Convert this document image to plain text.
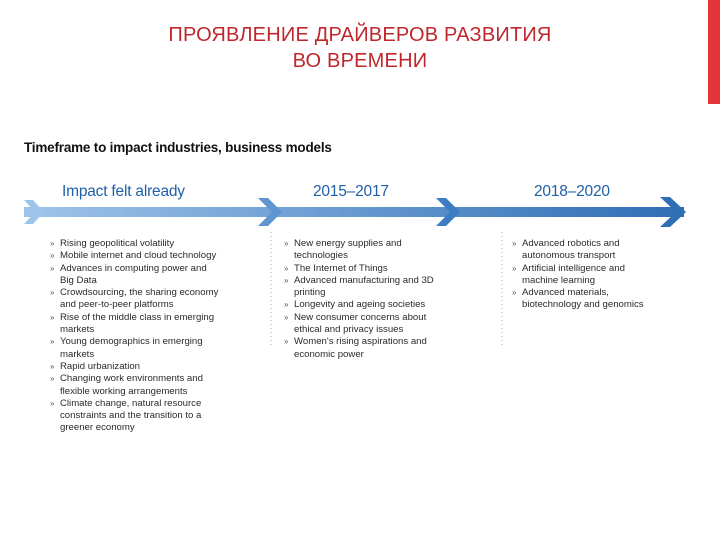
ПРОЯВЛЕНИЕ ДРАЙВЕРОВ РАЗВИТИЯ
ВО ВРЕМЕНИ
Timeframe to impact industries, business models
Impact felt already	2015–2017	2018–2020
» Rising geopolitical volatility
» Mobile internet and cloud technology
» Advances in computing power and Big Data
» Crowdsourcing, the sharing economy and peer-to-peer platforms
» Rise of the middle class in emerging markets
» Young demographics in emerging markets
» Rapid urbanization
» Changing work environments and flexible working arrangements
» Climate change, natural resource constraints and the transition to a greener economy
» New energy supplies and technologies
» The Internet of Things
» Advanced manufacturing and 3D printing
» Longevity and ageing societies
» New consumer concerns about ethical and privacy issues
» Women's rising aspirations and economic power
» Advanced robotics and autonomous transport
» Artificial intelligence and machine learning
» Advanced materials, biotechnology and genomics
